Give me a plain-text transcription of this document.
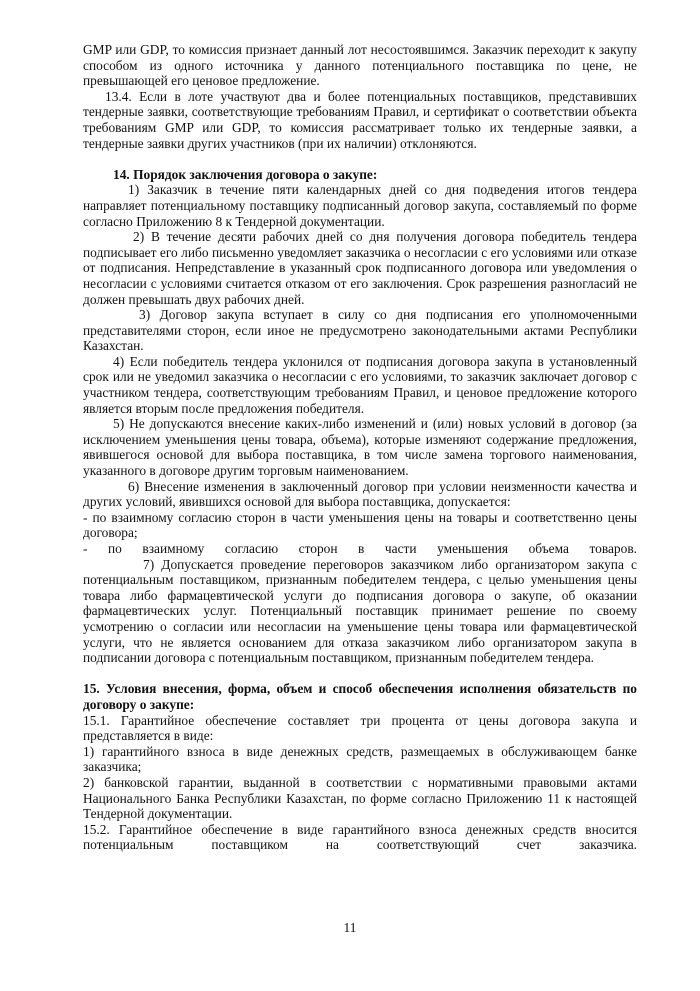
GMP или GDP, то комиссия признает данный лот несостоявшимся. Заказчик переходит к закупу способом из одного источника у данного потенциального поставщика по цене, не превышающей его ценовое предложение.

13.4. Если в лоте участвуют два и более потенциальных поставщиков, представивших тендерные заявки, соответствующие требованиям Правил, и сертификат о соответствии объекта требованиям GMP или GDP, то комиссия рассматривает только их тендерные заявки, а тендерные заявки других участников (при их наличии) отклоняются.

14. Порядок заключения договора о закупе:

1) Заказчик в течение пяти календарных дней со дня подведения итогов тендера направляет потенциальному поставщику подписанный договор закупа, составляемый по форме согласно Приложению 8 к Тендерной документации.

2) В течение десяти рабочих дней со дня получения договора победитель тендера подписывает его либо письменно уведомляет заказчика о несогласии с его условиями или отказе от подписания. Непредставление в указанный срок подписанного договора или уведомления о несогласии с условиями считается отказом от его заключения. Срок разрешения разногласий не должен превышать двух рабочих дней.

3) Договор закупа вступает в силу со дня подписания его уполномоченными представителями сторон, если иное не предусмотрено законодательными актами Республики Казахстан.

4) Если победитель тендера уклонился от подписания договора закупа в установленный срок или не уведомил заказчика о несогласии с его условиями, то заказчик заключает договор с участником тендера, соответствующим требованиям Правил, и ценовое предложение которого является вторым после предложения победителя.

5) Не допускаются внесение каких-либо изменений и (или) новых условий в договор (за исключением уменьшения цены товара, объема), которые изменяют содержание предложения, явившегося основой для выбора поставщика, в том числе замена торгового наименования, указанного в договоре другим торговым наименованием.

6) Внесение изменения в заключенный договор при условии неизменности качества и других условий, явившихся основой для выбора поставщика, допускается:

- по взаимному согласию сторон в части уменьшения цены на товары и соответственно цены договора;

- по взаимному согласию сторон в части уменьшения объема товаров.

7) Допускается проведение переговоров заказчиком либо организатором закупа с потенциальным поставщиком, признанным победителем тендера, с целью уменьшения цены товара либо фармацевтической услуги до подписания договора о закупе, об оказании фармацевтических услуг. Потенциальный поставщик принимает решение по своему усмотрению о согласии или несогласии на уменьшение цены товара или фармацевтической услуги, что не является основанием для отказа заказчиком либо организатором закупа в подписании договора с потенциальным поставщиком, признанным победителем тендера.

15. Условия внесения, форма, объем и способ обеспечения исполнения обязательств по договору о закупе:

15.1. Гарантийное обеспечение составляет три процента от цены договора закупа и представляется в виде:

1) гарантийного взноса в виде денежных средств, размещаемых в обслуживающем банке заказчика;

2) банковской гарантии, выданной в соответствии с нормативными правовыми актами Национального Банка Республики Казахстан, по форме согласно Приложению 11 к настоящей Тендерной документации.

15.2. Гарантийное обеспечение в виде гарантийного взноса денежных средств вносится потенциальным поставщиком на соответствующий счет заказчика.

11
